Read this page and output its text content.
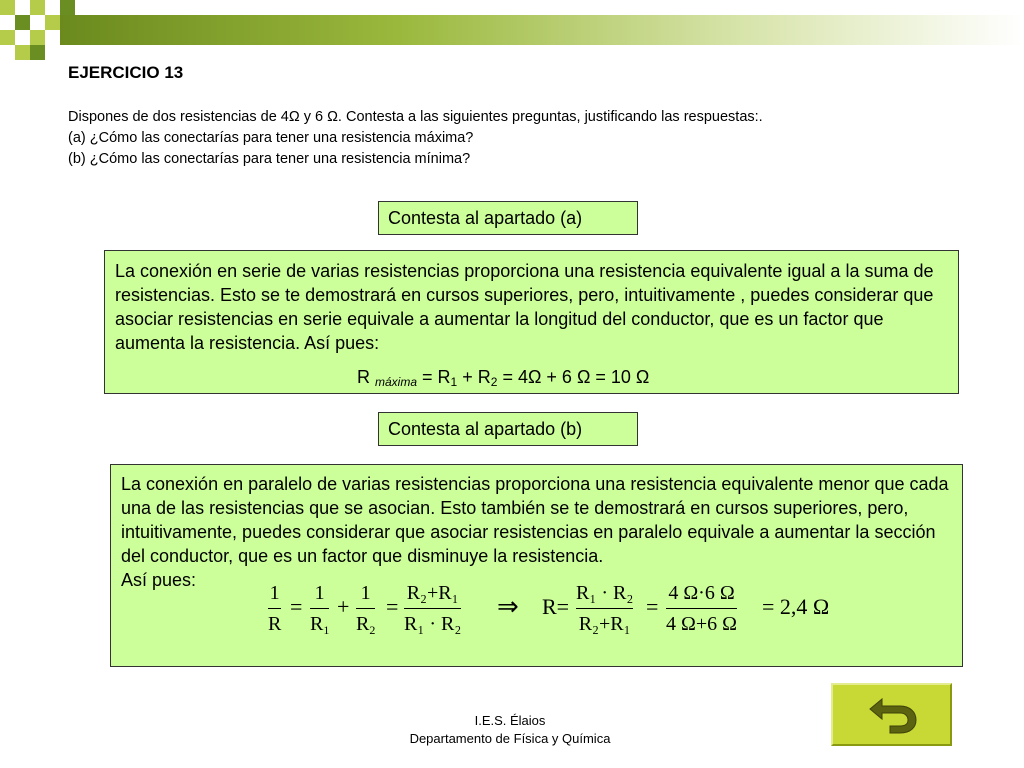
EJERCICIO 13
Dispones de dos resistencias de 4Ω y 6 Ω. Contesta a las siguientes preguntas, justificando las respuestas:.
(a) ¿Cómo las conectarías para tener una resistencia máxima?
(b) ¿Cómo las conectarías para tener una resistencia mínima?
Contesta al apartado (a)

La conexión en serie de varias resistencias proporciona una resistencia equivalente igual a la suma de resistencias. Esto se te demostrará en cursos superiores, pero, intuitivamente , puedes considerar que asociar resistencias en serie equivale a aumentar la longitud del conductor, que es un factor que aumenta la resistencia. Así pues:

R máxima = $R_1 + R_2 = 4\Omega + 6$ Ω = 10 Ω
Contesta al apartado (b)

La conexión en paralelo de varias resistencias proporciona una resistencia equivalente menor que cada una de las resistencias que se asocian. Esto también se te demostrará en cursos superiores, pero, intuitivamente, puedes considerar que asociar resistencias en paralelo equivale a aumentar la sección del conductor, que es un factor que disminuye la resistencia.

Así pues:

1
R
=
1
$R_1$
+
1
$R_2$
=
R₂+R₁
R₁ · R₂
⇒ R=
R₁ · R₂
R₂+R₁
=
4 Ω·6 Ω
4 Ω+6 Ω
= 2,4 Ω
I.E.S. Élaios
Departamento de Física y Química
